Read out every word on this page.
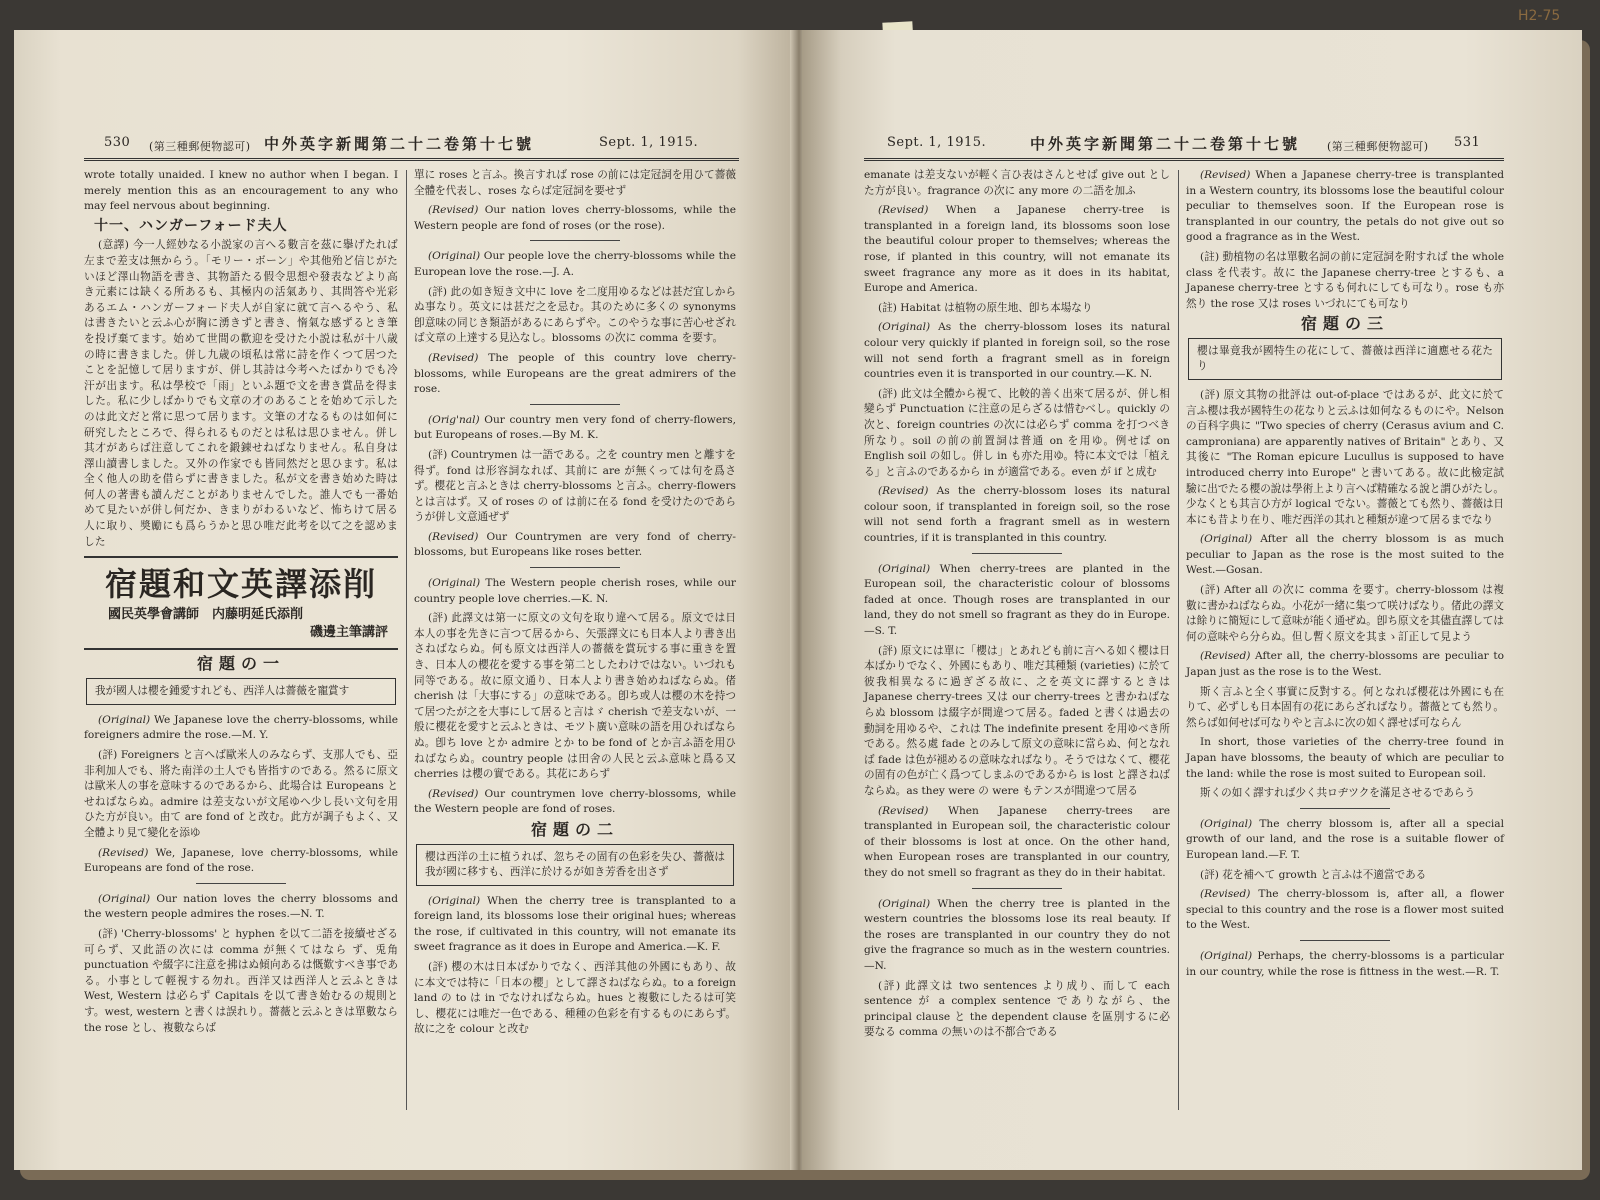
H2-75
530 (第三種郵便物認可) 中外英字新聞第二十二卷第十七號	Sept. 1, 1915.

wrote totally unaided. I knew no author when I began. I merely mention this as an encouragement to any who may feel nervous about beginning.

十一、ハンガーフォード夫人

(意譯) 今一人經妙なる小説家の言へる數言を茲に擧げたれば左まで差支は無からう。「モリー・ボーン」や其他殆ど信じがたいほど澤山物語を書き、其物語たる假令思想や發表などより高き元素には缺くる所あるも、其極内の活氣あり、其問答や光彩あるエム・ハンガーフォード夫人が自家に就て言へるやう、私は書きたいと云ふ心が胸に湧きずと書き、惰氣な感ずるとき筆を投げ棄てます。始めて世間の歡迎を受けた小説は私が十八歳の時に書きました。併し九歳の頃私は常に詩を作くつて居つたことを記憶して居りますが、併し其詩は今考へたばかりでも冷汗が出ます。私は學校で「雨」といふ題で文を書き賞品を得ました。私に少しばかりでも文章の才のあることを始めて示したのは此文だと常に思つて居ります。文筆の才なるものは如何に研究したところで、得られるものだとは私は思ひません。併し其才があらば注意してこれを鍛錬せねばなりません。私自身は澤山讀書しました。又外の作家でも皆同然だと思ひます。私は全く他人の助を借らずに書きました。私が文を書き始めた時は何人の著書も讀んだことがありませんでした。誰人でも一番始めて見たいが併し何だか、きまりがわるいなど、怖ちけて居る人に取り、奬勵にも爲らうかと思ひ唯だ此考を以て之を認めました

宿題和文英譯添削
國民英學會講師　内藤明延氏添削
磯邊主筆講評
宿題の一
我が國人は櫻を鍾愛すれども、西洋人は薔薇を寵賞す

(Original) We Japanese love the cherry-blossoms, while foreigners admire the rose.—M. Y.

(評) Foreigners と言へば歐米人のみならず、支那人でも、亞非利加人でも、將た南洋の土人でも皆指すのである。然るに原文は歐米人の事を意味するのであるから、此場合は Europeans とせねばならぬ。admire は差支ないが文尾ゆへ少し長い文句を用ひた方が良い。由て are fond of と改む。此方が調子もよく、又全體より見て變化を添ゆ

(Revised) We, Japanese, love cherry-blossoms, while Europeans are fond of the rose.

(Original) Our nation loves the cherry blossoms and the western people admires the roses.—N. T.

(評) 'Cherry-blossoms' と hyphen を以て二語を接續せざる可らず、又此語の次には comma が無くてはなら ず、兎角 punctuation や綴字に注意を拂はぬ傾向あるは慨歎すべき事である。小事として輕視する勿れ。西洋又は西洋人と云ふときは West, Western は必らず Capitals を以て書き始むるの規則とす。west, western と書くは誤れり。薔薇と云ふときは單數なら the rose とし、複數ならば

單に roses と言ふ。換言すれば rose の前には定冠詞を用ひて薔薇全體を代表し、roses ならば定冠詞を要せず

(Revised) Our nation loves cherry-blossoms, while the Western people are fond of roses (or the rose).

(Original) Our people love the cherry-blossoms while the European love the rose.—J. A.

(評) 此の如き短き文中に love を二度用ゆるなどは甚だ宜しからぬ事なり。英文には甚だ之を忌む。其のために多くの synonyms 卽意味の同じき類語があるにあらずや。このやうな事に苦心せざれば文章の上達する見込なし。blossoms の次に comma を要す。

(Revised) The people of this country love cherry-blossoms, while Europeans are the great admirers of the rose.

(Orig'nal) Our country men very fond of cherry-flowers, but Europeans of roses.—By M. K.

(評) Countrymen は一語である。之を country men と離すを得ず。fond は形容詞なれば、其前に are が無くっては句を爲さず。櫻花と言ふときは cherry-blossoms と言ふ。cherry-flowers とは言はず。又 of roses の of は前に在る fond を受けたのであらうが併し文意通ぜず

(Revised) Our Countrymen are very fond of cherry-blossoms, but Europeans like roses better.

(Original) The Western people cherish roses, while our country people love cherries.—K. N.

(評) 此譯文は第一に原文の文句を取り違へて居る。原文では日本人の事を先きに言つて居るから、矢張譯文にも日本人より書き出さねばならぬ。何も原文は西洋人の薔薇を賞玩する事に重きを置き、日本人の櫻花を愛する事を第二としたわけではない。いづれも同等である。故に原文通り、日本人より書き始めねばならぬ。偖 cherish は「大事にする」の意味である。卽ち或人は櫻の木を持つて居つたが之を大事にして居ると言はゞ cherish で差支ないが、一般に櫻花を愛すと云ふときは、モツト廣い意味の語を用ひればならぬ。卽ち love とか admire とか to be fond of とか言ふ語を用ひねばならぬ。country people は田舍の人民と云ふ意味と爲る又 cherries は櫻の實である。其花にあらず

(Revised) Our countrymen love cherry-blossoms, while the Western people are fond of roses.

宿題の二
櫻は西洋の土に植うれば、忽ちその固有の色彩を失ひ、薔薇は我が國に移すも、西洋に於けるが如き芳香を出さず

(Original) When the cherry tree is transplanted to a foreign land, its blossoms lose their original hues; whereas the rose, if cultivated in this country, will not emanate its sweet fragrance as it does in Europe and America.—K. F.

(評) 櫻の木は日本ばかりでなく、西洋其他の外國にもあり、故に本文では特に「日本の櫻」として譯さねばならぬ。to a foreign land の to は in でなければならぬ。hues と複數にしたるは可笑し、櫻花には唯だ一色である、種種の色彩を有するものにあらず。故に之を colour と改む

Sept. 1, 1915.	中外英字新聞第二十二卷第十七號 (第三種郵便物認可) 531

emanate は差支ないが輕く言ひ表はさんとせば give out とした方が良い。fragrance の次に any more の二語を加ふ

(Revised) When a Japanese cherry-tree is transplanted in a foreign land, its blossoms soon lose the beautiful colour proper to themselves; whereas the rose, if planted in this country, will not emanate its sweet fragrance any more as it does in its habitat, Europe and America.

(註) Habitat は植物の原生地、卽ち本場なり

(Original) As the cherry-blossom loses its natural colour very quickly if planted in foreign soil, so the rose will not send forth a fragrant smell as in foreign countries even it is transported in our country.—K. N.

(評) 此文は全體から視て、比較的善く出來て居るが、併し相變らず Punctuation に注意の足らざるは惜むべし。quickly の次と、foreign countries の次には必らず comma を打つべき所なり。soil の前の前置詞は普通 on を用ゆ。例せば on English soil の如し。併し in も亦た用ゆ。特に本文では「植える」と言ふのであるから in が適當である。even が if と成む

(Revised) As the cherry-blossom loses its natural colour soon, if transplanted in foreign soil, so the rose will not send forth a fragrant smell as in western countries, if it is transplanted in this country.

(Original) When cherry-trees are planted in the European soil, the characteristic colour of blossoms faded at once. Though roses are transplanted in our land, they do not smell so fragrant as they do in Europe.—S. T.

(評) 原文には單に「櫻は」とあれども前に言へる如く櫻は日本ばかりでなく、外國にもあり、唯だ其種類 (varieties) に於て彼我相異なるに過ぎざる故に、之を英文に譯するときは Japanese cherry-trees 又は our cherry-trees と書かねばならぬ blossom は綴字が間違つて居る。faded と書くは過去の動詞を用ゆるや、これは The indefinite present を用ゆべき所である。然る處 fade とのみして原文の意味に當らぬ、何となれば fade は色が褪めるの意味なればなり。そうではなくて、櫻花の固有の色が亡く爲つてしまふのであるから is lost と譯さねばならぬ。as they were の were もテンスが間違つて居る

(Revised) When Japanese cherry-trees are transplanted in European soil, the characteristic colour of their blossoms is lost at once. On the other hand, when European roses are transplanted in our country, they do not smell so fragrant as they do in their habitat.

(Original) When the cherry tree is planted in the western countries the blossoms lose its real beauty. If the roses are transplanted in our country they do not give the fragrance so much as in the western countries.—N.

(評) 此譯文は two sentences より成り、而して each sentence が a complex sentence でありながら、the principal clause と the dependent clause を區別するに必要なる comma の無いのは不都合である

(Revised) When a Japanese cherry-tree is transplanted in a Western country, its blossoms lose the beautiful colour peculiar to themselves soon. If the European rose is transplanted in our country, the petals do not give out so good a fragrance as in the West.

(註) 動植物の名は單數名詞の前に定冠詞を附すれば the whole class を代表す。故に the Japanese cherry-tree とするも、a Japanese cherry-tree とするも何れにしても可なり。rose も亦然り the rose 又は roses いづれにても可なり

宿題の三
櫻は畢竟我が國特生の花にして、薔薇は西洋に適應せる花たり

(評) 原文其物の批評は out-of-place ではあるが、此文に於て言ふ櫻は我が國特生の花なりと云ふは如何なるものにや。Nelson の百科字典に "Two species of cherry (Cerasus avium and C. camproniana) are apparently natives of Britain" とあり、又其後に "The Roman epicure Lucullus is supposed to have introduced cherry into Europe" と書いてある。故に此檢定試驗に出でたる櫻の說は學術上より言へば精確なる說と謂ひがたし。少なくとも其言ひ方が logical でない。薔薇とても然り、薔薇は日本にも昔より在り、唯だ西洋の其れと種類が違つて居るまでなり

(Original) After all the cherry blossom is as much peculiar to Japan as the rose is the most suited to the West.—Gosan.

(評) After all の次に comma を要す。cherry-blossom は複數に書かねばならぬ。小花が一緒に集つて咲けばなり。偖此の譯文は餘りに簡短にして意味が能く通ぜぬ。卽ち原文を其儘直譯しては何の意味やら分らぬ。但し暫く原文を其まゝ訂正して見よう

(Revised) After all, the cherry-blossoms are peculiar to Japan just as the rose is to the West.

斯く言ふと全く事實に反對する。何となれば櫻花は外國にも在りて、必ずしも日本固有の花にあらざればなり。薔薇とても然り。然らば如何せば可なりやと言ふに次の如く譯せば可ならん

In short, those varieties of the cherry-tree found in Japan have blossoms, the beauty of which are peculiar to the land: while the rose is most suited to European soil.

斯くの如く譯すれば少く共ロヂツクを滿足させるであらう

(Original) The cherry blossom is, after all a special growth of our land, and the rose is a suitable flower of European land.—F. T.

(評) 花を補へて growth と言ふは不適當である

(Revised) The cherry-blossom is, after all, a flower special to this country and the rose is a flower most suited to the West.

(Original) Perhaps, the cherry-blossoms is a particular in our country, while the rose is fittness in the west.—R. T.
